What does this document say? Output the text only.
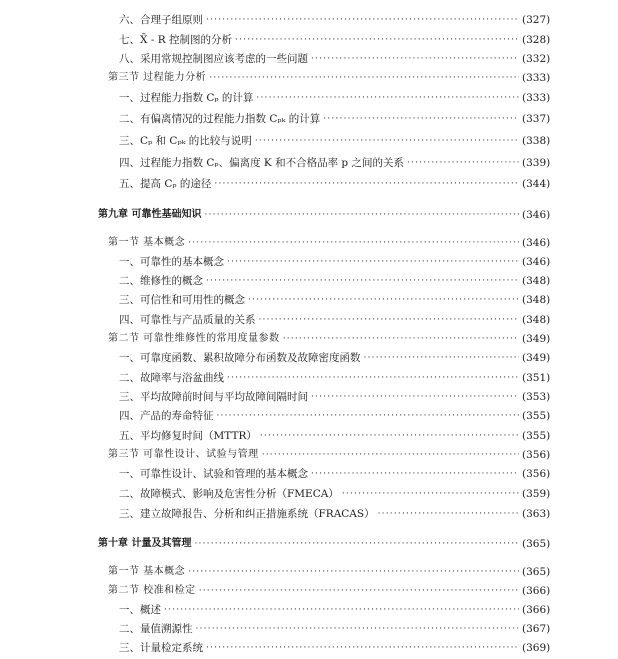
六、合理子组原则 ·····	(327)
七、X̄ - R 控制图的分析 ·····	(328)
八、采用常规控制图应该考虑的一些问题 ·····	(332)
第三节 过程能力分析 ·····	(333)
一、过程能力指数 Cₚ 的计算 ·····	(333)
二、有偏离情况的过程能力指数 Cₚₖ 的计算 ·····	(337)
三、Cₚ 和 Cₚₖ 的比较与说明 ·····	(338)
四、过程能力指数 Cₚ、偏离度 K 和不合格品率 p 之间的关系 ·····	(339)
五、提高 Cₚ 的途径 ·····	(344)
第九章 可靠性基础知识 ·····	(346)
第一节 基本概念 ·····	(346)
一、可靠性的基本概念 ·····	(346)
二、维修性的概念 ·····	(348)
三、可信性和可用性的概念 ·····	(348)
四、可靠性与产品质量的关系 ·····	(348)
第二节 可靠性维修性的常用度量参数 ·····	(349)
一、可靠度函数、累积故障分布函数及故障密度函数 ·····	(349)
二、故障率与浴盆曲线 ·····	(351)
三、平均故障前时间与平均故障间隔时间 ·····	(353)
四、产品的寿命特征 ·····	(355)
五、平均修复时间（MTTR） ·····	(355)
第三节 可靠性设计、试验与管理 ·····	(356)
一、可靠性设计、试验和管理的基本概念 ·····	(356)
二、故障模式、影响及危害性分析（FMECA） ·····	(359)
三、建立故障报告、分析和纠正措施系统（FRACAS） ·····	(363)
第十章 计量及其管理 ·····	(365)
第一节 基本概念 ·····	(365)
第二节 校准和检定 ·····	(366)
一、概述 ·····	(366)
二、量值溯源性 ·····	(367)
三、计量检定系统 ·····	(369)
